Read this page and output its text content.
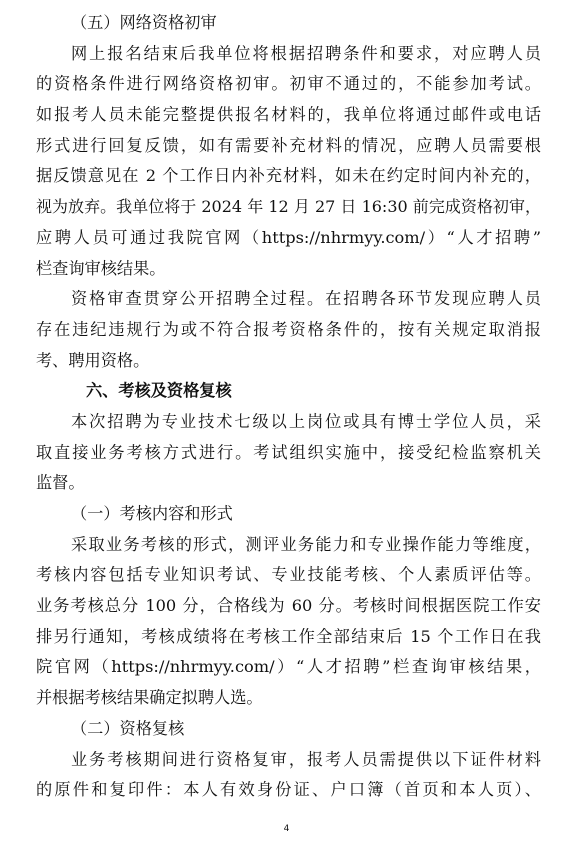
（五）网络资格初审
网上报名结束后我单位将根据招聘条件和要求，对应聘人员
的资格条件进行网络资格初审。初审不通过的，不能参加考试。
如报考人员未能完整提供报名材料的，我单位将通过邮件或电话
形式进行回复反馈，如有需要补充材料的情况，应聘人员需要根
据反馈意见在 2 个工作日内补充材料，如未在约定时间内补充的，
视为放弃。我单位将于 2024 年 12 月 27 日 16:30 前完成资格初审，
应聘人员可通过我院官网（https://nhrmyy.com/）“人才招聘”
栏查询审核结果。
资格审查贯穿公开招聘全过程。在招聘各环节发现应聘人员
存在违纪违规行为或不符合报考资格条件的，按有关规定取消报
考、聘用资格。
六、考核及资格复核
本次招聘为专业技术七级以上岗位或具有博士学位人员，采
取直接业务考核方式进行。考试组织实施中，接受纪检监察机关
监督。
（一）考核内容和形式
采取业务考核的形式，测评业务能力和专业操作能力等维度，
考核内容包括专业知识考试、专业技能考核、个人素质评估等。
业务考核总分 100 分，合格线为 60 分。考核时间根据医院工作安
排另行通知，考核成绩将在考核工作全部结束后 15 个工作日在我
院官网（https://nhrmyy.com/）“人才招聘”栏查询审核结果，
并根据考核结果确定拟聘人选。
（二）资格复核
业务考核期间进行资格复审，报考人员需提供以下证件材料
的原件和复印件：本人有效身份证、户口簿（首页和本人页）、
4
